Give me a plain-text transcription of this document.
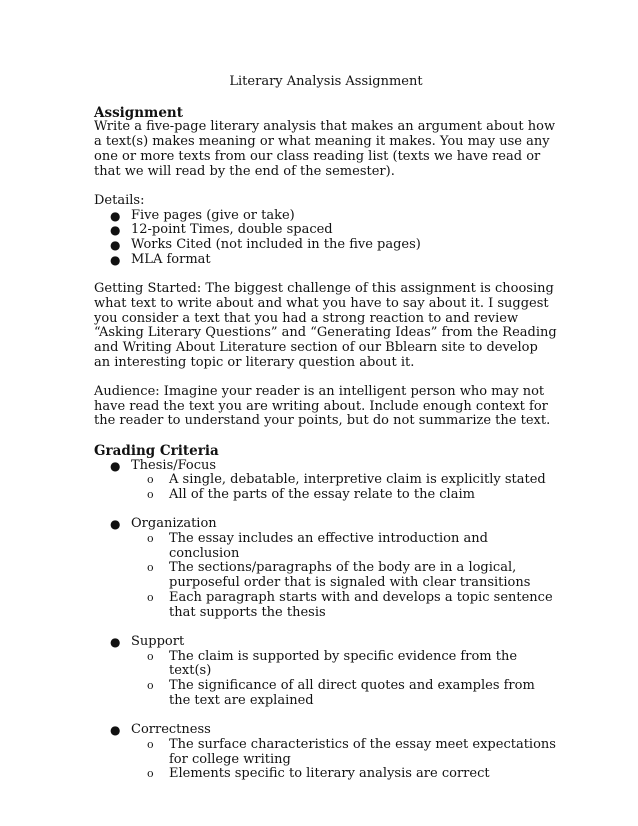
Literary Analysis Assignment

Assignment

Write a five-page literary analysis that makes an argument about how a text(s) makes meaning or what meaning it makes. You may use any one or more texts from our class reading list (texts we have read or that we will read by the end of the semester).

Details:

● Five pages (give or take)
● 12-point Times, double spaced
● Works Cited (not included in the five pages)
● MLA format

Getting Started: The biggest challenge of this assignment is choosing what text to write about and what you have to say about it. I suggest you consider a text that you had a strong reaction to and review “Asking Literary Questions” and “Generating Ideas” from the Reading and Writing About Literature section of our Bblearn site to develop an interesting topic or literary question about it.

Audience: Imagine your reader is an intelligent person who may not have read the text you are writing about. Include enough context for the reader to understand your points, but do not summarize the text.

Grading Criteria

● Thesis/Focus
o A single, debatable, interpretive claim is explicitly stated
o All of the parts of the essay relate to the claim
● Organization
o The essay includes an effective introduction and conclusion
o The sections/paragraphs of the body are in a logical, purposeful order that is signaled with clear transitions
o Each paragraph starts with and develops a topic sentence that supports the thesis
● Support
o The claim is supported by specific evidence from the text(s)
o The significance of all direct quotes and examples from the text are explained
● Correctness
o The surface characteristics of the essay meet expectations for college writing
o Elements specific to literary analysis are correct
